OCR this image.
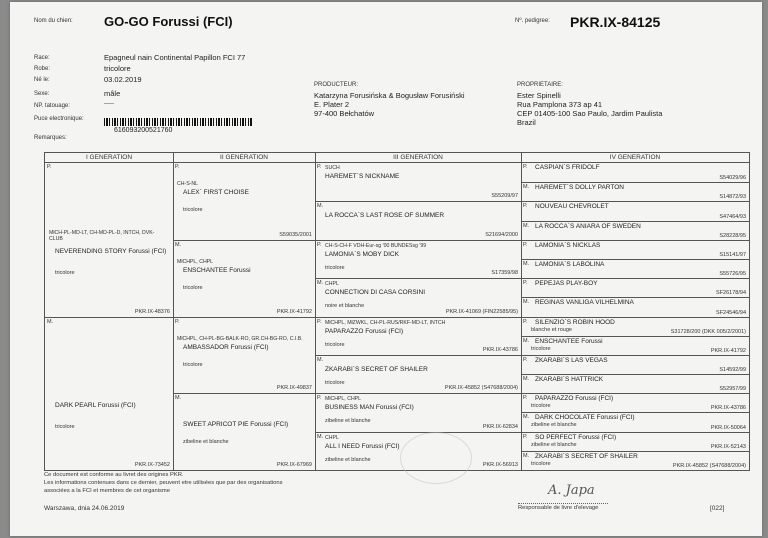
Nom du chien: GO-GO Forussi (FCI)	Nº. pedigree: PKR.IX-84125
Race:	Epagneul nain Continental Papillon FCI 77
Robe:	tricolore
Né le:	03.02.2019
Sexe:	mâle
NP. tatouage:	-----
Puce electronique:
616093200521760
Remarques:
PRODUCTEUR:
Katarzyna Forusińska & Bogusław Forusiński
E. Plater 2
97-400 Bełchatów
PROPRIETAIRE:
Ester Spinelli
Rua Pamplona 373 ap 41
CEP 01405-100 Sao Paulo, Jardim Paulista
Brazil
I GENERATION	II GENERATION	III GENERATION	IV GENERATION
P.
MłCH-PL-MD-LT, CH-MD-PL-D, INTCH, DVK-CLUB
NEVERENDING STORY Forussi (FCI)
tricolore
PKR.IX-48376
M.
DARK PEARL Forussi (FCI)
tricolore
PKR.IX-73452
P.
CH-S-NL
ALEX` FIRST CHOISE
tricolore
S59035/2001
M.
MłCHPL, CHPL
ENSCHANTEE Forussi
tricolore
PKR.IX-41792
P.
MłCHPL, CH-PL-BG-BALK-RO, GR.CH-BG-RO, C.I.B.
AMBASSADOR Forussi (FCI)
tricolore
PKR.IX-49837
M.
SWEET APRICOT PIE Forussi (FCI)
zibeline et blanche
PKR.IX-67969
P. SUCH
HAREMET`S NICKNAME
S55209/97
M.
LA ROCCA`S LAST ROSE OF SUMMER
S21694/2000
P. CH-S-CH-F VDH-Eur-sg '00 BUNDESsg '99
LAMONIA`S MOBY DICK
tricolore
S17359/98
M. CHPL
CONNECTION DI CASA CORSINI
noire et blanche
PKR.IX-41069 (FIN22585/95)
P. MłCHPL, MłZWKL, CH-PL-RUS/RKF-MD-LT, INTCH
PAPARAZZO Forussi (FCI)
tricolore
PKR.IX-43786
M.
ZKARABI`S SECRET OF SHAILER
tricolore
PKR.IX-45852 (S47688/2004)
P. MłCHPL, CHPL
BUSINESS MAN Forussi (FCI)
zibeline et blanche
PKR.IX-62834
M. CHPL
ALL I NEED Forussi (FCI)
zibeline et blanche
PKR.IX-56913
P. CASPIAN`S FRIDOLF
S54029/96
M. HAREMET`S DOLLY PARTON
S14872/93
P. NOUVEAU CHEVROLET
S47464/93
M. LA ROCCA`S ANIARA OF SWEDEN
S28228/95
P. LAMONIA`S NICKLAS
S15141/97
M. LAMONIA`S LABOLINA
S55726/95
P. PEPEJAS PLAY-BOY
SF26178/94
M. REGINAS VANLIGA VILHELMINA
SF24546/94
P. SILENZIO`S ROBIN HOOD
blanche et rouge	S31728/200 (DKK 005/2/2001)
M. ENSCHANTEE Forussi
tricolore	PKR.IX-41792
P. ZKARABI`S LAS VEGAS
S14592/99
M. ZKARABI`S HATTRICK
S52957/99
P. PAPARAZZO Forussi (FCI)
tricolore	PKR.IX-43786
M. DARK CHOCOLATE Forussi (FCI)
zibeline et blanche	PKR.IX-50064
P. SO PERFECT Forussi (FCI)
zibeline et blanche	PKR.IX-52143
M. ZKARABI`S SECRET OF SHAILER
tricolore	PKR.IX-45852 (S47688/2004)
Ce document est conforme au livret des origines PKR.
Les informations contenues dans ce dernier, peuvent etre utilisées que par des organisations
associées a la FCI et membres de cet organisme
Warszawa, dnia 24.06.2019
A. Japa
Responsable de livre d'elevage	[022]
